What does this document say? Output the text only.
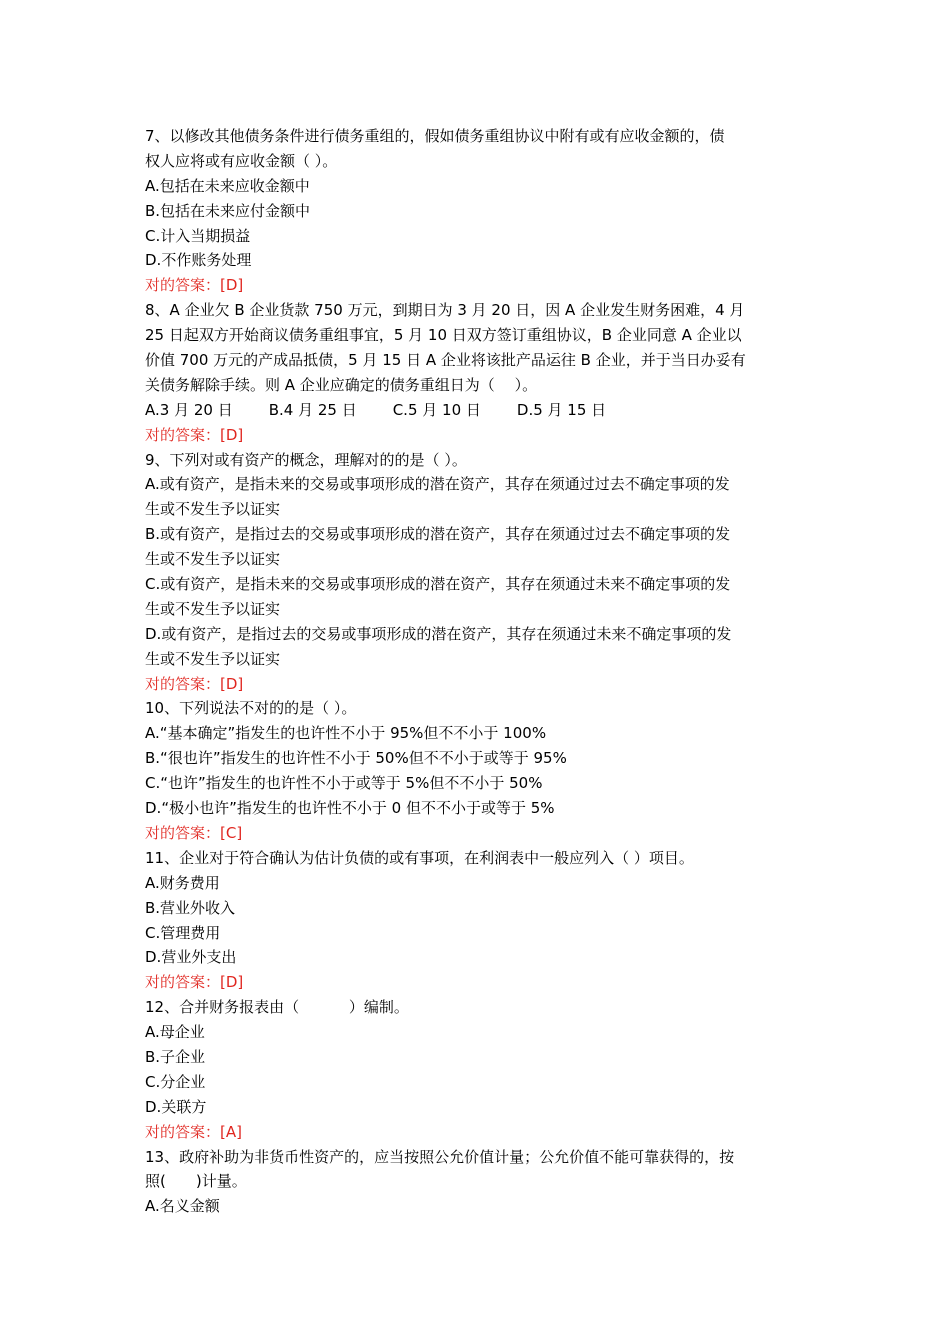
7、以修改其他债务条件进行债务重组的，假如债务重组协议中附有或有应收金额的，债
权人应将或有应收金额（ ）。
A.包括在未来应收金额中
B.包括在未来应付金额中
C.计入当期损益
D.不作账务处理
对的答案：[D]
8、A 企业欠 B 企业货款 750 万元，到期日为 3 月 20 日，因 A 企业发生财务困难，4 月
25 日起双方开始商议债务重组事宜，5 月 10 日双方签订重组协议，B 企业同意 A 企业以
价值 700 万元的产成品抵债，5 月 15 日 A 企业将该批产品运往 B 企业，并于当日办妥有
关债务解除手续。则 A 企业应确定的债务重组日为（　 ）。
A.3 月 20 日 B.4 月 25 日 C.5 月 10 日 D.5 月 15 日
对的答案：[D]
9、下列对或有资产的概念，理解对的的是（ ）。
A.或有资产，是指未来的交易或事项形成的潜在资产，其存在须通过过去不确定事项的发
生或不发生予以证实
B.或有资产，是指过去的交易或事项形成的潜在资产，其存在须通过过去不确定事项的发
生或不发生予以证实
C.或有资产，是指未来的交易或事项形成的潜在资产，其存在须通过未来不确定事项的发
生或不发生予以证实
D.或有资产，是指过去的交易或事项形成的潜在资产，其存在须通过未来不确定事项的发
生或不发生予以证实
对的答案：[D]
10、下列说法不对的的是（ ）。
A.“基本确定”指发生的也许性不小于 95%但不不小于 100%
B.“很也许”指发生的也许性不小于 50%但不不小于或等于 95%
C.“也许”指发生的也许性不小于或等于 5%但不不小于 50%
D.“极小也许”指发生的也许性不小于 0 但不不小于或等于 5%
对的答案：[C]
11、企业对于符合确认为估计负债的或有事项，在利润表中一般应列入（ ）项目。
A.财务费用
B.营业外收入
C.管理费用
D.营业外支出
对的答案：[D]
12、合并财务报表由（　　　 ）编制。
A.母企业
B.子企业
C.分企业
D.关联方
对的答案：[A]
13、政府补助为非货币性资产的，应当按照公允价值计量；公允价值不能可靠获得的，按
照(　　)计量。
A.名义金额
